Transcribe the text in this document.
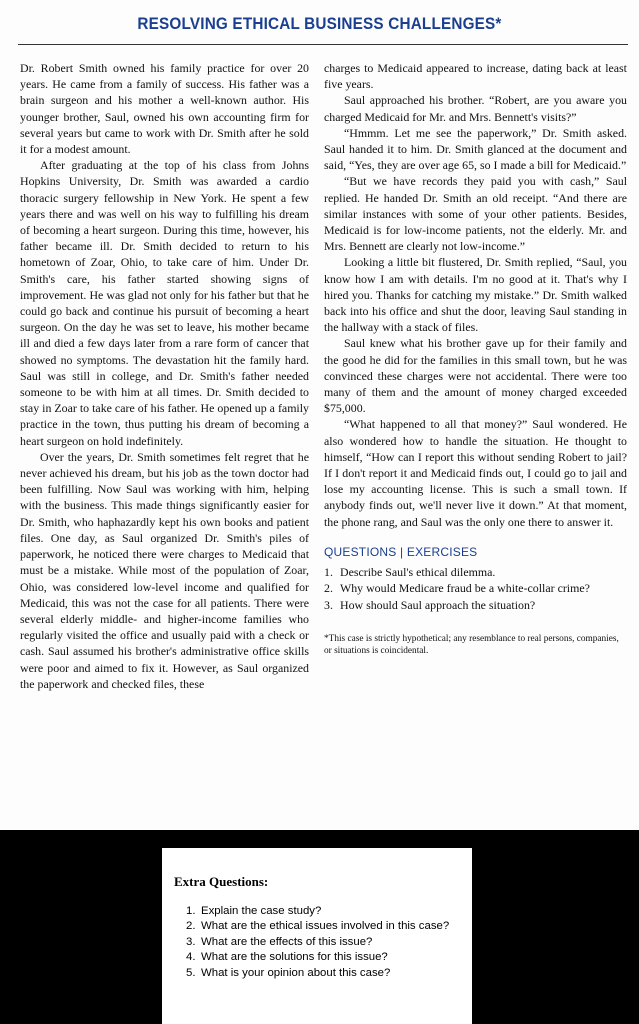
RESOLVING ETHICAL BUSINESS CHALLENGES*

Dr. Robert Smith owned his family practice for over 20 years. He came from a family of success. His father was a brain surgeon and his mother a well-known author. His younger brother, Saul, owned his own accounting firm for several years but came to work with Dr. Smith after he sold it for a modest amount.

After graduating at the top of his class from Johns Hopkins University, Dr. Smith was awarded a cardio thoracic surgery fellowship in New York. He spent a few years there and was well on his way to fulfilling his dream of becoming a heart surgeon. During this time, however, his father became ill. Dr. Smith decided to return to his hometown of Zoar, Ohio, to take care of him. Under Dr. Smith's care, his father started showing signs of improvement. He was glad not only for his father but that he could go back and continue his pursuit of becoming a heart surgeon. On the day he was set to leave, his mother became ill and died a few days later from a rare form of cancer that showed no symptoms. The devastation hit the family hard. Saul was still in college, and Dr. Smith's father needed someone to be with him at all times. Dr. Smith decided to stay in Zoar to take care of his father. He opened up a family practice in the town, thus putting his dream of becoming a heart surgeon on hold indefinitely.

Over the years, Dr. Smith sometimes felt regret that he never achieved his dream, but his job as the town doctor had been fulfilling. Now Saul was working with him, helping with the business. This made things significantly easier for Dr. Smith, who haphazardly kept his own books and patient files. One day, as Saul organized Dr. Smith's piles of paperwork, he noticed there were charges to Medicaid that must be a mistake. While most of the population of Zoar, Ohio, was considered low-level income and qualified for Medicaid, this was not the case for all patients. There were several elderly middle- and higher-income families who regularly visited the office and usually paid with a check or cash. Saul assumed his brother's administrative office skills were poor and aimed to fix it. However, as Saul organized the paperwork and checked files, these

charges to Medicaid appeared to increase, dating back at least five years.

Saul approached his brother. “Robert, are you aware you charged Medicaid for Mr. and Mrs. Bennett's visits?”

“Hmmm. Let me see the paperwork,” Dr. Smith asked. Saul handed it to him. Dr. Smith glanced at the document and said, “Yes, they are over age 65, so I made a bill for Medicaid.”

“But we have records they paid you with cash,” Saul replied. He handed Dr. Smith an old receipt. “And there are similar instances with some of your other patients. Besides, Medicaid is for low-income patients, not the elderly. Mr. and Mrs. Bennett are clearly not low-income.”

Looking a little bit flustered, Dr. Smith replied, “Saul, you know how I am with details. I'm no good at it. That's why I hired you. Thanks for catching my mistake.” Dr. Smith walked back into his office and shut the door, leaving Saul standing in the hallway with a stack of files.

Saul knew what his brother gave up for their family and the good he did for the families in this small town, but he was convinced these charges were not accidental. There were too many of them and the amount of money charged exceeded $75,000.

“What happened to all that money?” Saul wondered. He also wondered how to handle the situation. He thought to himself, “How can I report this without sending Robert to jail? If I don't report it and Medicaid finds out, I could go to jail and lose my accounting license. This is such a small town. If anybody finds out, we'll never live it down.” At that moment, the phone rang, and Saul was the only one there to answer it.

QUESTIONS | EXERCISES

1. Describe Saul's ethical dilemma.
2. Why would Medicare fraud be a white-collar crime?
3. How should Saul approach the situation?

*This case is strictly hypothetical; any resemblance to real persons, companies, or situations is coincidental.

Extra Questions:
1. Explain the case study?
2. What are the ethical issues involved in this case?
3. What are the effects of this issue?
4. What are the solutions for this issue?
5. What is your opinion about this case?
